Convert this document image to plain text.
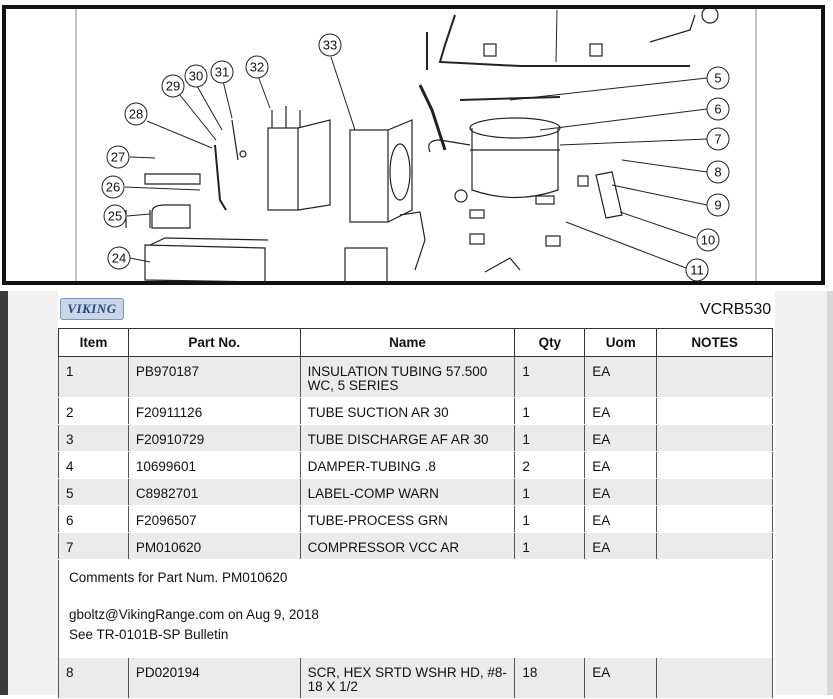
5
6
7
8
9
10
11
24
25
26
27
28
29
30 31 32
33
VIKING	VCRB530
Item	Part No.	Name	Qty	Uom	NOTES
1	PB970187	INSULATION TUBING 57.500 WC, 5 SERIES	1	EA	
2	F20911126	TUBE SUCTION AR 30	1	EA	
3	F20910729	TUBE DISCHARGE AF AR 30	1	EA	
4	10699601	DAMPER-TUBING .8	2	EA	
5	C8982701	LABEL-COMP WARN	1	EA	
6	F2096507	TUBE-PROCESS GRN	1	EA	
7	PM010620	COMPRESSOR VCC AR	1	EA	

Comments for Part Num. PM010620
gboltz@VikingRange.com on Aug 9, 2018
See TR-0101B-SP Bulletin					

8	PD020194	SCR, HEX SRTD WSHR HD, #8-18 X 1/2	18	EA	
